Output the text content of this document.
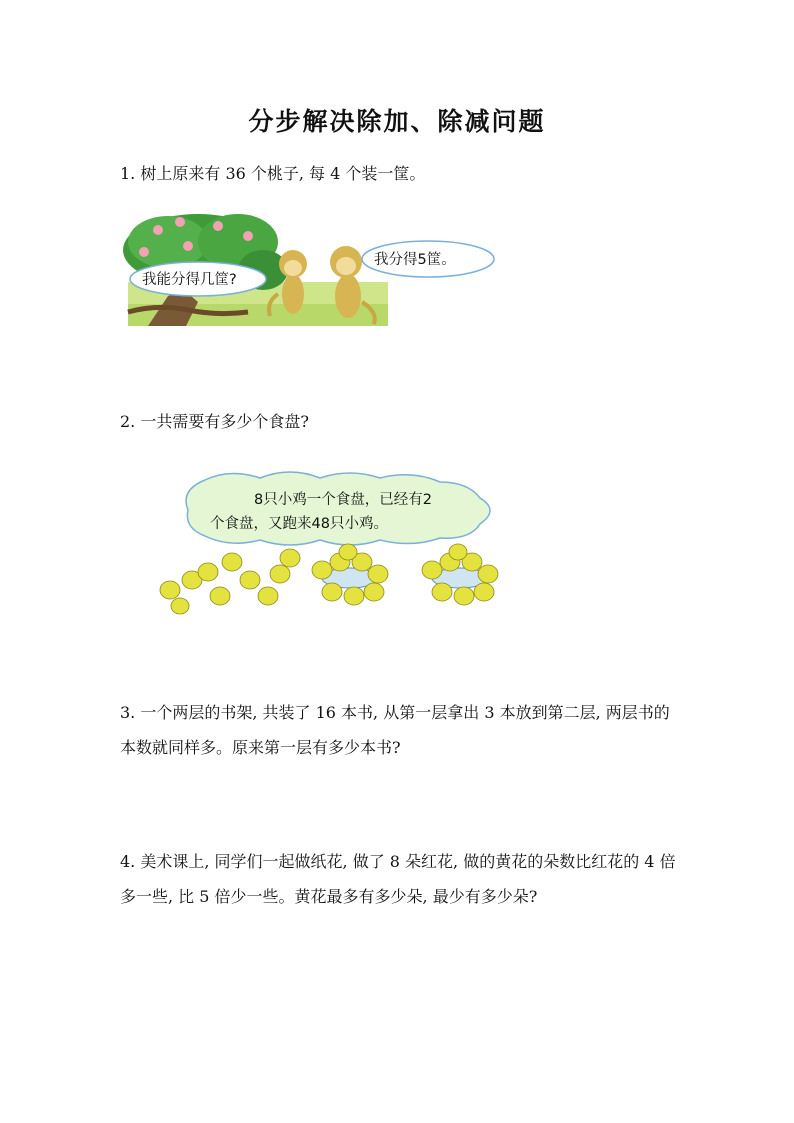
分步解决除加、除减问题
1. 树上原来有 36 个桃子, 每 4 个装一筐。
我能分得几筐?
我分得5筐。
2. 一共需要有多少个食盘?
8只小鸡一个食盘，已经有2
个食盘，又跑来48只小鸡。
3. 一个两层的书架, 共装了 16 本书, 从第一层拿出 3 本放到第二层, 两层书的本数就同样多。原来第一层有多少本书?
4. 美术课上, 同学们一起做纸花, 做了 8 朵红花, 做的黄花的朵数比红花的 4 倍多一些, 比 5 倍少一些。黄花最多有多少朵, 最少有多少朵?
